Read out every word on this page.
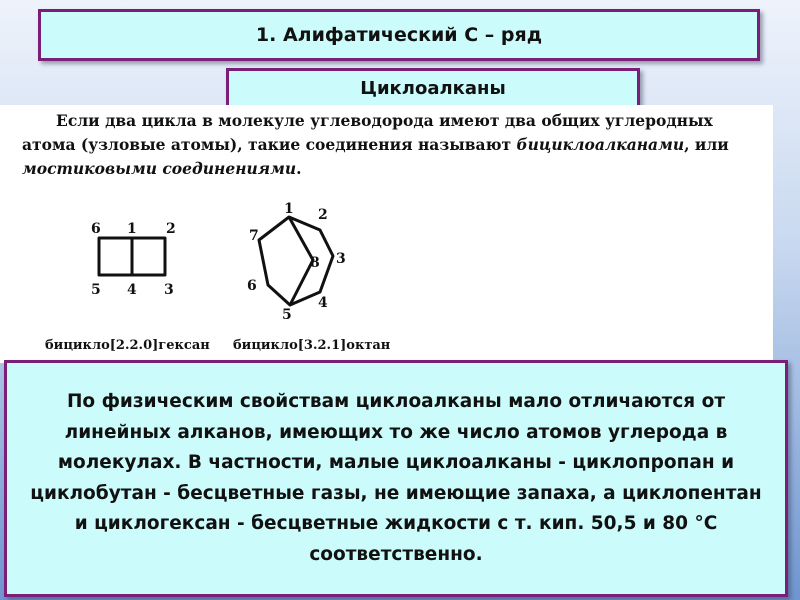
1. Алифатический С – ряд
Циклоалканы

Если два цикла в молекуле углеводорода имеют два общих углеродных атома (узловые атомы), такие соединения называют бициклоалканами, или мостиковыми соединениями.

6 1 2
5 4 3
бицикло[2.2.0]гексан
1 2
3
4
5
6
7
8
бицикло[3.2.1]октан
По физическим свойствам циклоалканы мало отличаются от линейных алканов, имеющих то же число атомов углерода в молекулах. В частности, малые циклоалканы - циклопропан и циклобутан - бесцветные газы, не имеющие запаха, а циклопентан и циклогексан - бесцветные жидкости с т. кип. 50,5 и 80 °С соответственно.
